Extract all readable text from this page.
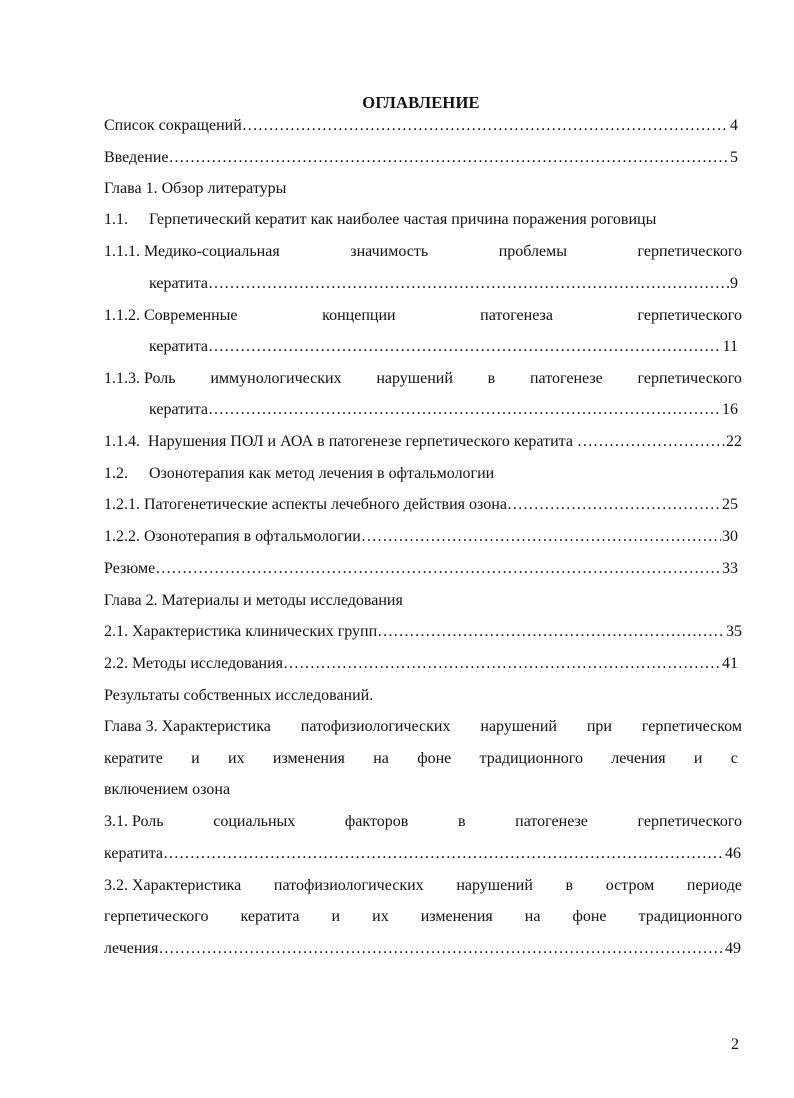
ОГЛАВЛЕНИЕ
Список сокращений …………………………………………………………………………………………………………………………………………………………………………………………………	4
Введение …………………………………………………………………………………………………………………………………………………………………………………………………	5
Глава 1. Обзор литературы
1.1. Герпетический кератит как наиболее частая причина поражения роговицы
1.1.1. Медико-социальная	значимость	проблемы	герпетического
кератита …………………………………………………………………………………………………………………………………………………………………………………………………	9
1.1.2. Современные	концепции	патогенеза	герпетического
кератита …………………………………………………………………………………………………………………………………………………………………………………………………	11
1.1.3. Роль иммунологических нарушений в патогенезе герпетического
кератита …………………………………………………………………………………………………………………………………………………………………………………………………	16
1.1.4. Нарушения ПОЛ и АОА в патогенезе герпетического кератита …………………………………………………………………………………………………………………………………………………………………………………………………	22
1.2. Озонотерапия как метод лечения в офтальмологии
1.2.1. Патогенетические аспекты лечебного действия озона …………………………………………………………………………………………………………………………………………………………………………………………………	25
1.2.2. Озонотерапия в офтальмологии …………………………………………………………………………………………………………………………………………………………………………………………………	30
Резюме …………………………………………………………………………………………………………………………………………………………………………………………………	33
Глава 2. Материалы и методы исследования
2.1. Характеристика клинических групп …………………………………………………………………………………………………………………………………………………………………………………………………	35
2.2. Методы исследования …………………………………………………………………………………………………………………………………………………………………………………………………	41
Результаты собственных исследований.
Глава 3. Характеристика патофизиологических нарушений при герпетическом
кератите и их изменения на фоне традиционного лечения и с
включением озона
3.1. Роль	социальных	факторов	в	патогенезе	герпетического
кератита …………………………………………………………………………………………………………………………………………………………………………………………………	46
3.2. Характеристика патофизиологических нарушений в остром периоде
герпетического кератита и их изменения на фоне традиционного
лечения …………………………………………………………………………………………………………………………………………………………………………………………………	49
2
